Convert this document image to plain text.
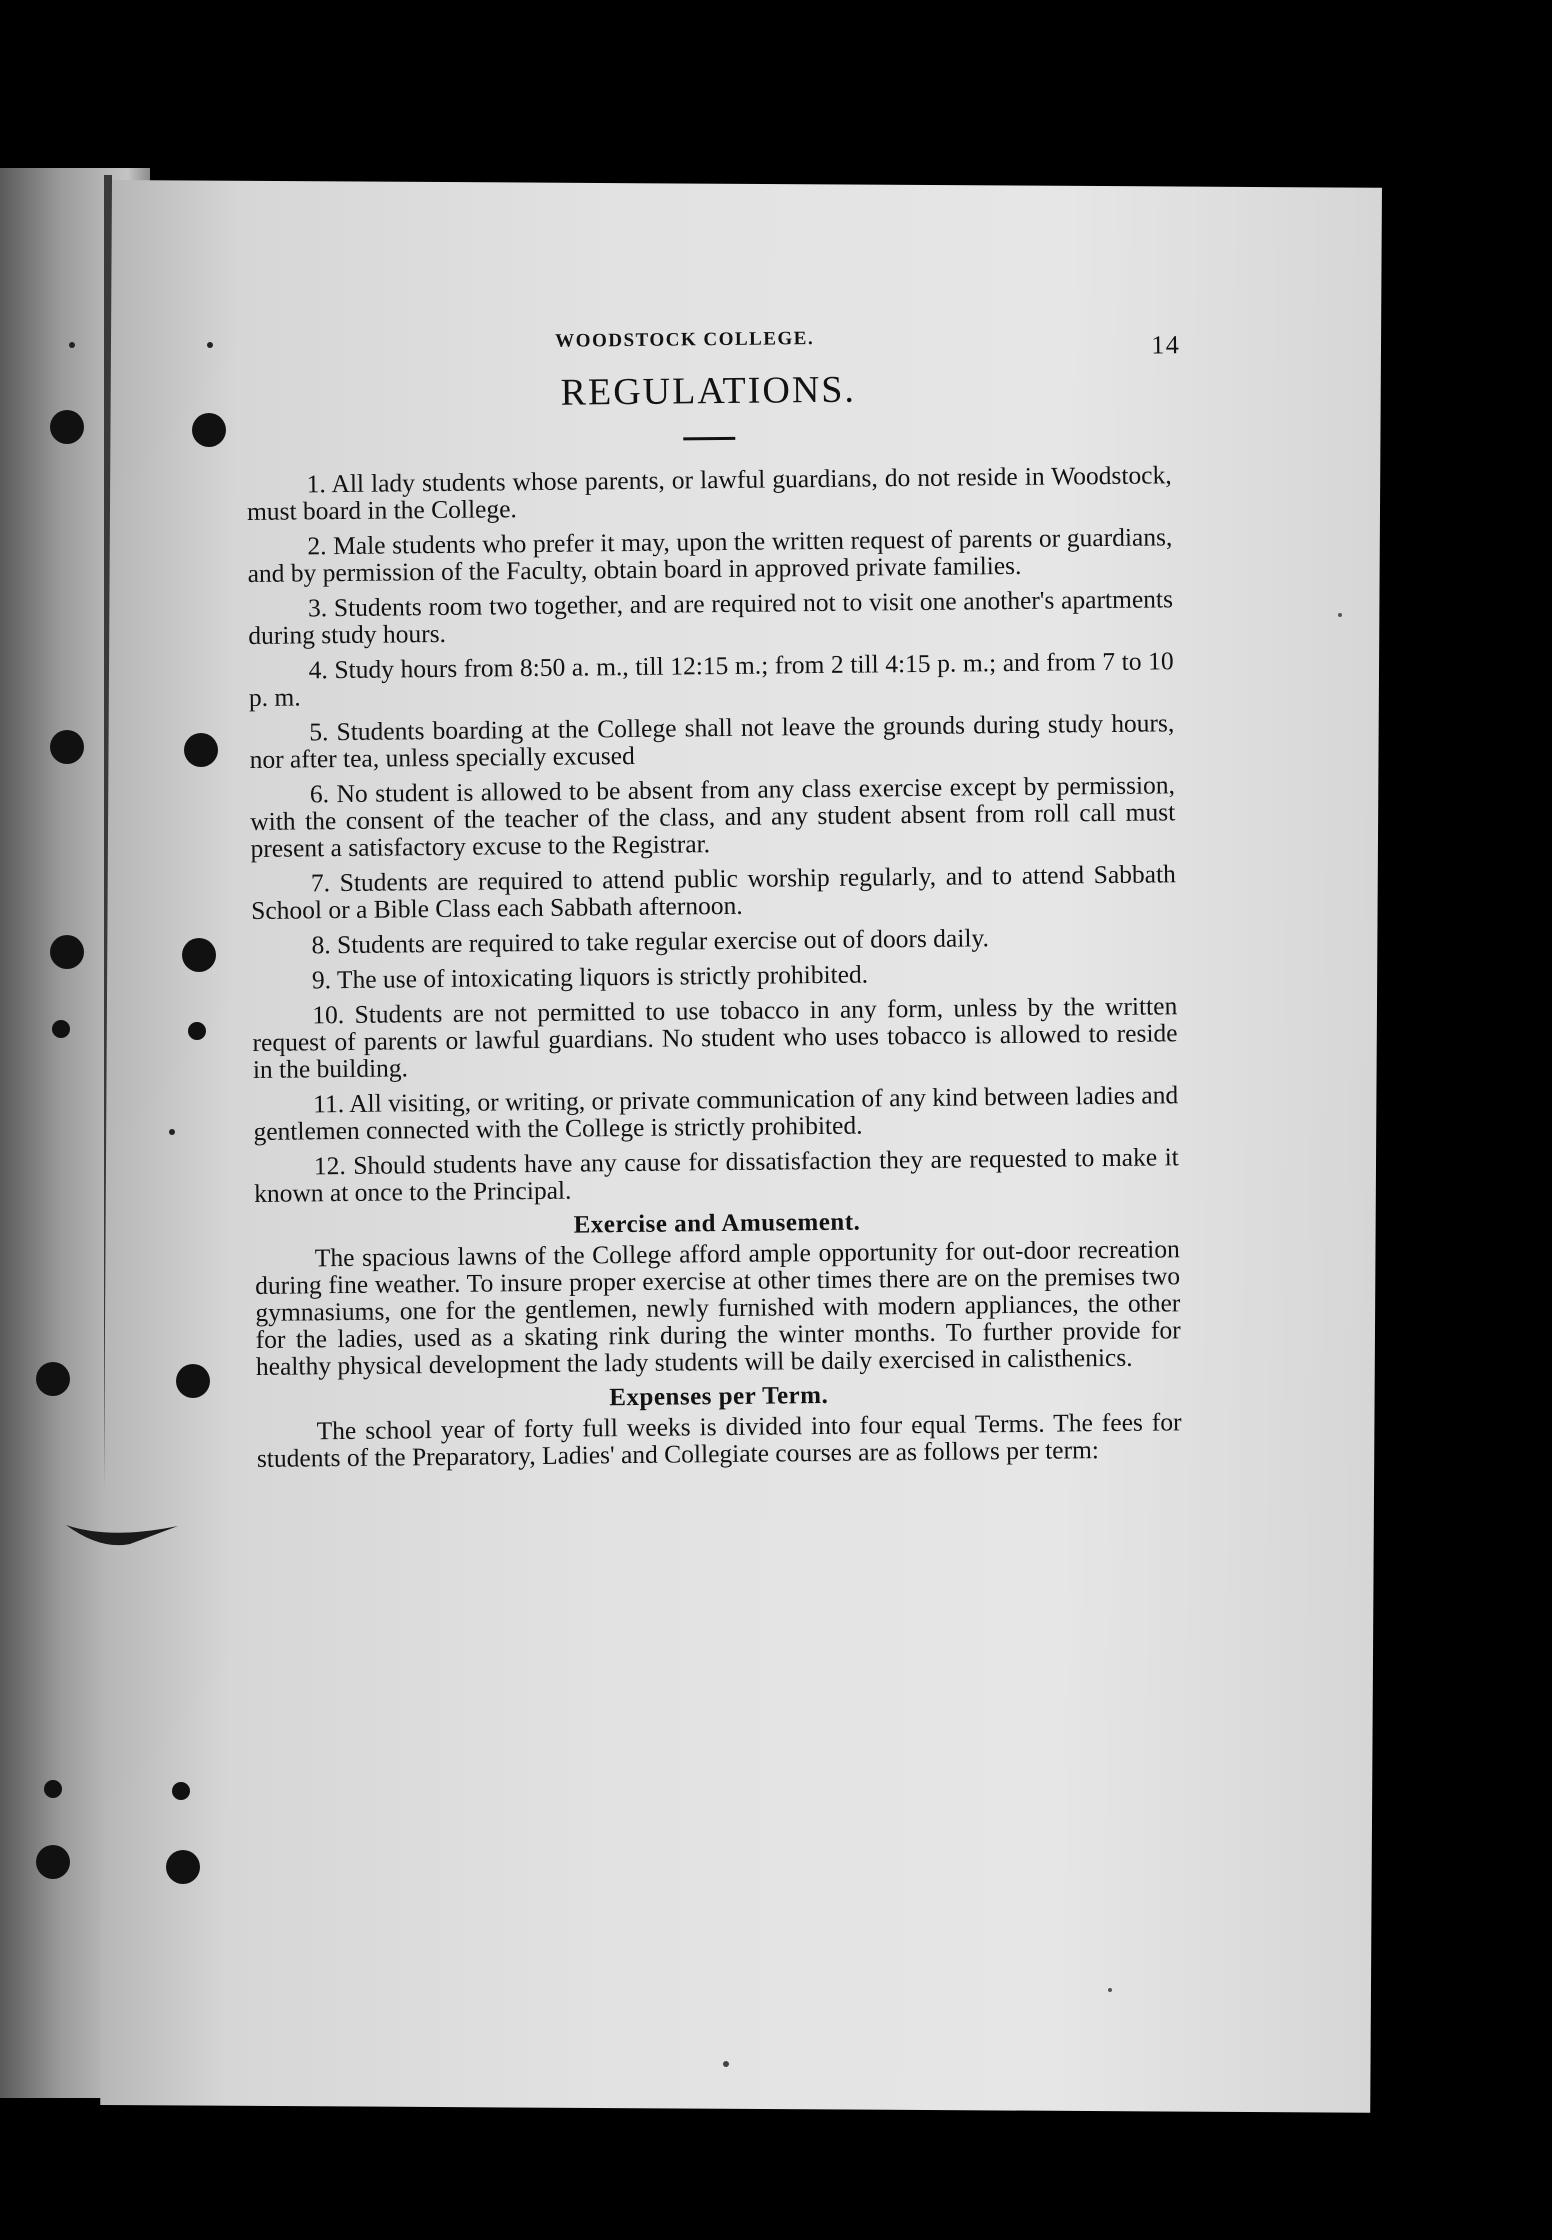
WOODSTOCK COLLEGE.	14
REGULATIONS.

1. All lady students whose parents, or lawful guardians, do not reside in Woodstock, must board in the College.

2. Male students who prefer it may, upon the written request of parents or guardians, and by permission of the Faculty, obtain board in approved private families.

3. Students room two together, and are required not to visit one another's apartments during study hours.

4. Study hours from 8:50 a. m., till 12:15 m.; from 2 till 4:15 p. m.; and from 7 to 10 p. m.

5. Students boarding at the College shall not leave the grounds during study hours, nor after tea, unless specially excused

6. No student is allowed to be absent from any class exercise except by permission, with the consent of the teacher of the class, and any student absent from roll call must present a satisfactory excuse to the Registrar.

7. Students are required to attend public worship regularly, and to attend Sabbath School or a Bible Class each Sabbath afternoon.

8. Students are required to take regular exercise out of doors daily.

9. The use of intoxicating liquors is strictly prohibited.

10. Students are not permitted to use tobacco in any form, unless by the written request of parents or lawful guardians. No student who uses tobacco is allowed to reside in the building.

11. All visiting, or writing, or private communication of any kind between ladies and gentlemen connected with the College is strictly prohibited.

12. Should students have any cause for dissatisfaction they are requested to make it known at once to the Principal.

Exercise and Amusement.

The spacious lawns of the College afford ample opportunity for out-door recreation during fine weather. To insure proper exercise at other times there are on the premises two gymnasiums, one for the gentlemen, newly furnished with modern appliances, the other for the ladies, used as a skating rink during the winter months. To further provide for healthy physical development the lady students will be daily exercised in calisthenics.

Expenses per Term.

The school year of forty full weeks is divided into four equal Terms. The fees for students of the Preparatory, Ladies' and Collegiate courses are as follows per term:
